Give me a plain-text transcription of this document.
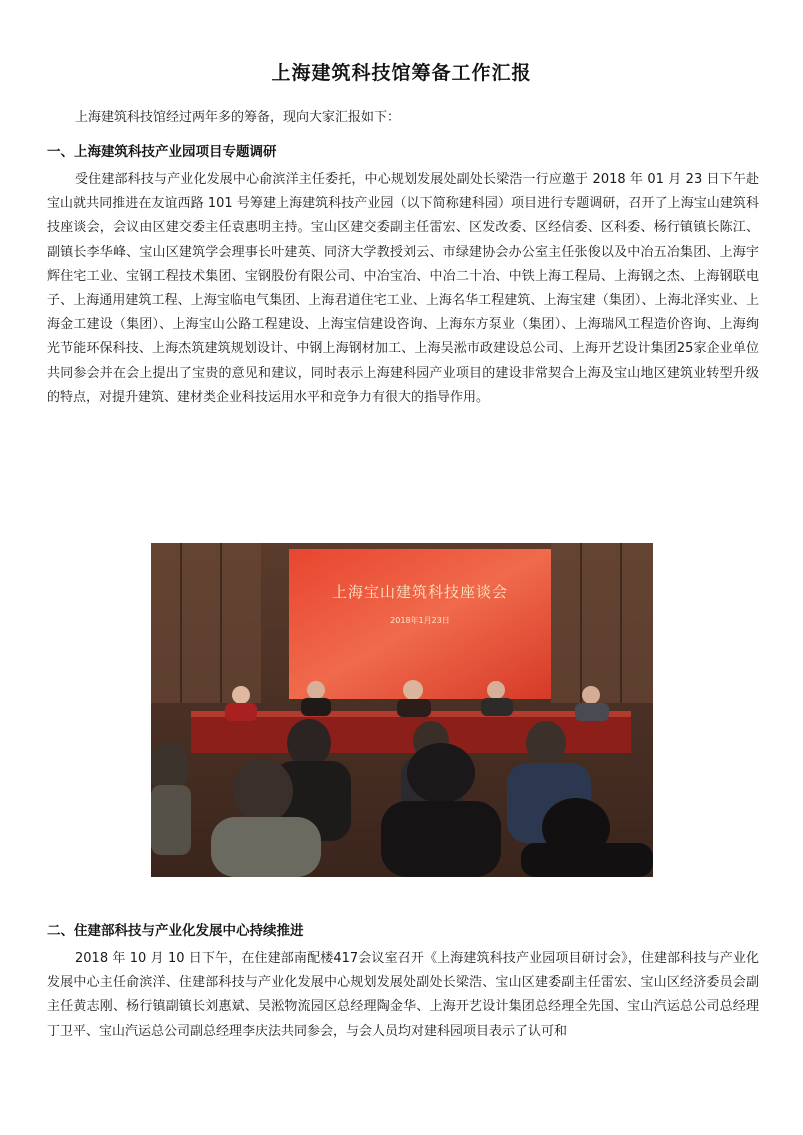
上海建筑科技馆筹备工作汇报
上海建筑科技馆经过两年多的筹备，现向大家汇报如下：
一、上海建筑科技产业园项目专题调研

受住建部科技与产业化发展中心俞滨洋主任委托，中心规划发展处副处长梁浩一行应邀于 2018 年 01 月 23 日下午赴宝山就共同推进在友谊西路 101 号筹建上海建筑科技产业园（以下简称建科园）项目进行专题调研，召开了上海宝山建筑科技座谈会，会议由区建交委主任袁惠明主持。宝山区建交委副主任雷宏、区发改委、区经信委、区科委、杨行镇镇长陈江、副镇长李华峰、宝山区建筑学会理事长叶建英、同济大学教授刘云、市绿建协会办公室主任张俊以及中冶五冶集团、上海宇辉住宅工业、宝钢工程技术集团、宝钢股份有限公司、中冶宝冶、中冶二十冶、中铁上海工程局、上海钢之杰、上海钢联电子、上海通用建筑工程、上海宝临电气集团、上海君道住宅工业、上海名华工程建筑、上海宝建（集团）、上海北泽实业、上海金工建设（集团）、上海宝山公路工程建设、上海宝信建设咨询、上海东方泵业（集团）、上海瑞风工程造价咨询、上海绚光节能环保科技、上海杰筑建筑规划设计、中钢上海钢材加工、上海吴淞市政建设总公司、上海开艺设计集团25家企业单位共同参会并在会上提出了宝贵的意见和建议，同时表示上海建科园产业项目的建设非常契合上海及宝山地区建筑业转型升级的特点，对提升建筑、建材类企业科技运用水平和竞争力有很大的指导作用。

上海宝山建筑科技座谈会
2018年1月23日
二、住建部科技与产业化发展中心持续推进

2018 年 10 月 10 日下午，在住建部南配楼417会议室召开《上海建筑科技产业园项目研讨会》，住建部科技与产业化发展中心主任俞滨洋、住建部科技与产业化发展中心规划发展处副处长梁浩、宝山区建委副主任雷宏、宝山区经济委员会副主任黄志刚、杨行镇副镇长刘惠斌、吴淞物流园区总经理陶金华、上海开艺设计集团总经理全先国、宝山汽运总公司总经理丁卫平、宝山汽运总公司副总经理李庆法共同参会，与会人员均对建科园项目表示了认可和
